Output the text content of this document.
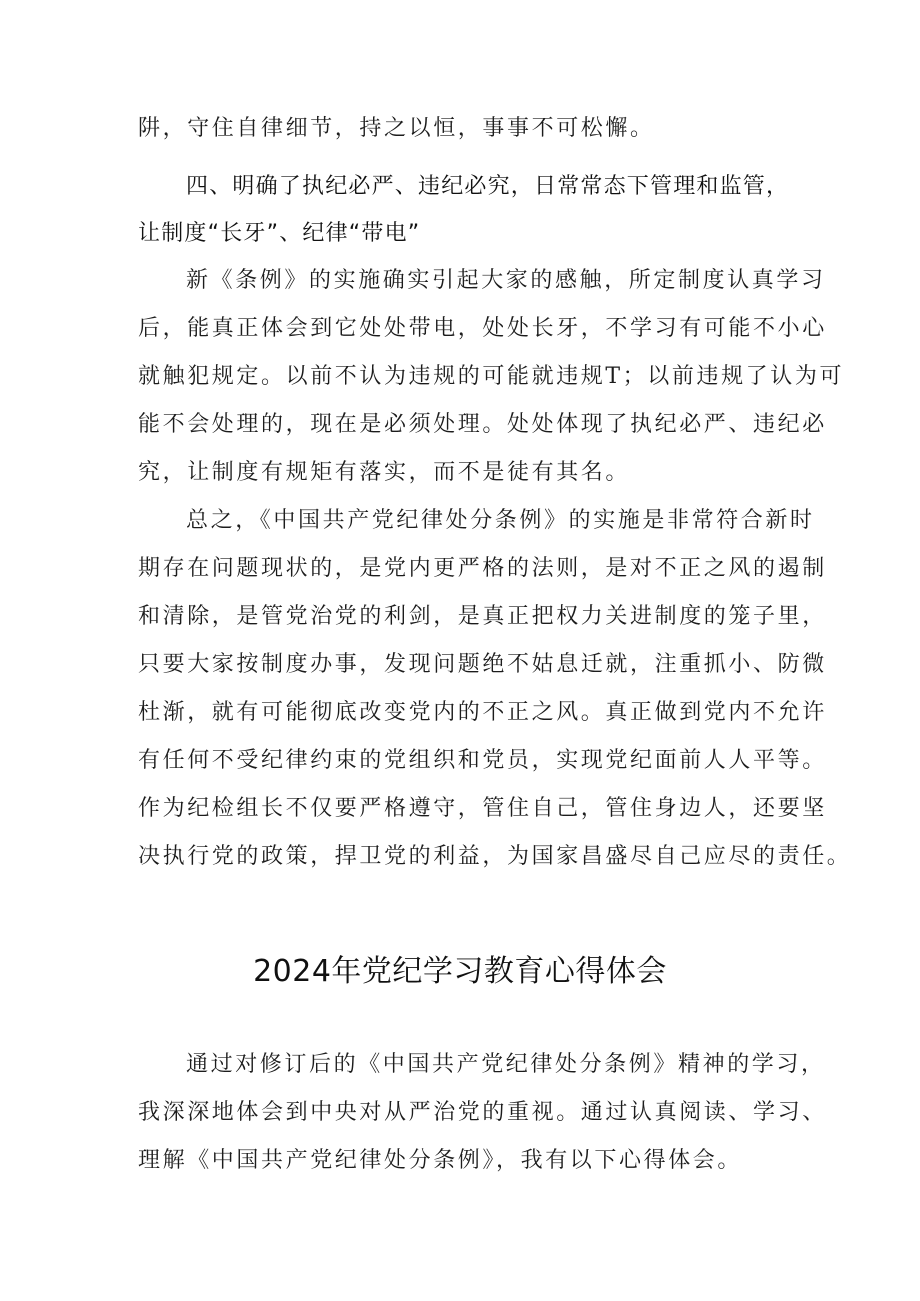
阱，守住自律细节，持之以恒，事事不可松懈。
四、明确了执纪必严、违纪必究，日常常态下管理和监管，
让制度“长牙”、纪律“带电”
新《条例》的实施确实引起大家的感触，所定制度认真学习
后，能真正体会到它处处带电，处处长牙，不学习有可能不小心
就触犯规定。以前不认为违规的可能就违规T；以前违规了认为可
能不会处理的，现在是必须处理。处处体现了执纪必严、违纪必
究，让制度有规矩有落实，而不是徒有其名。
总之，《中国共产党纪律处分条例》的实施是非常符合新时
期存在问题现状的，是党内更严格的法则，是对不正之风的遏制
和清除，是管党治党的利剑，是真正把权力关进制度的笼子里，
只要大家按制度办事，发现问题绝不姑息迁就，注重抓小、防微
杜渐，就有可能彻底改变党内的不正之风。真正做到党内不允许
有任何不受纪律约束的党组织和党员，实现党纪面前人人平等。
作为纪检组长不仅要严格遵守，管住自己，管住身边人，还要坚
决执行党的政策，捍卫党的利益，为国家昌盛尽自己应尽的责任。
2024年党纪学习教育心得体会
通过对修订后的《中国共产党纪律处分条例》精神的学习，
我深深地体会到中央对从严治党的重视。通过认真阅读、学习、
理解《中国共产党纪律处分条例》，我有以下心得体会。
